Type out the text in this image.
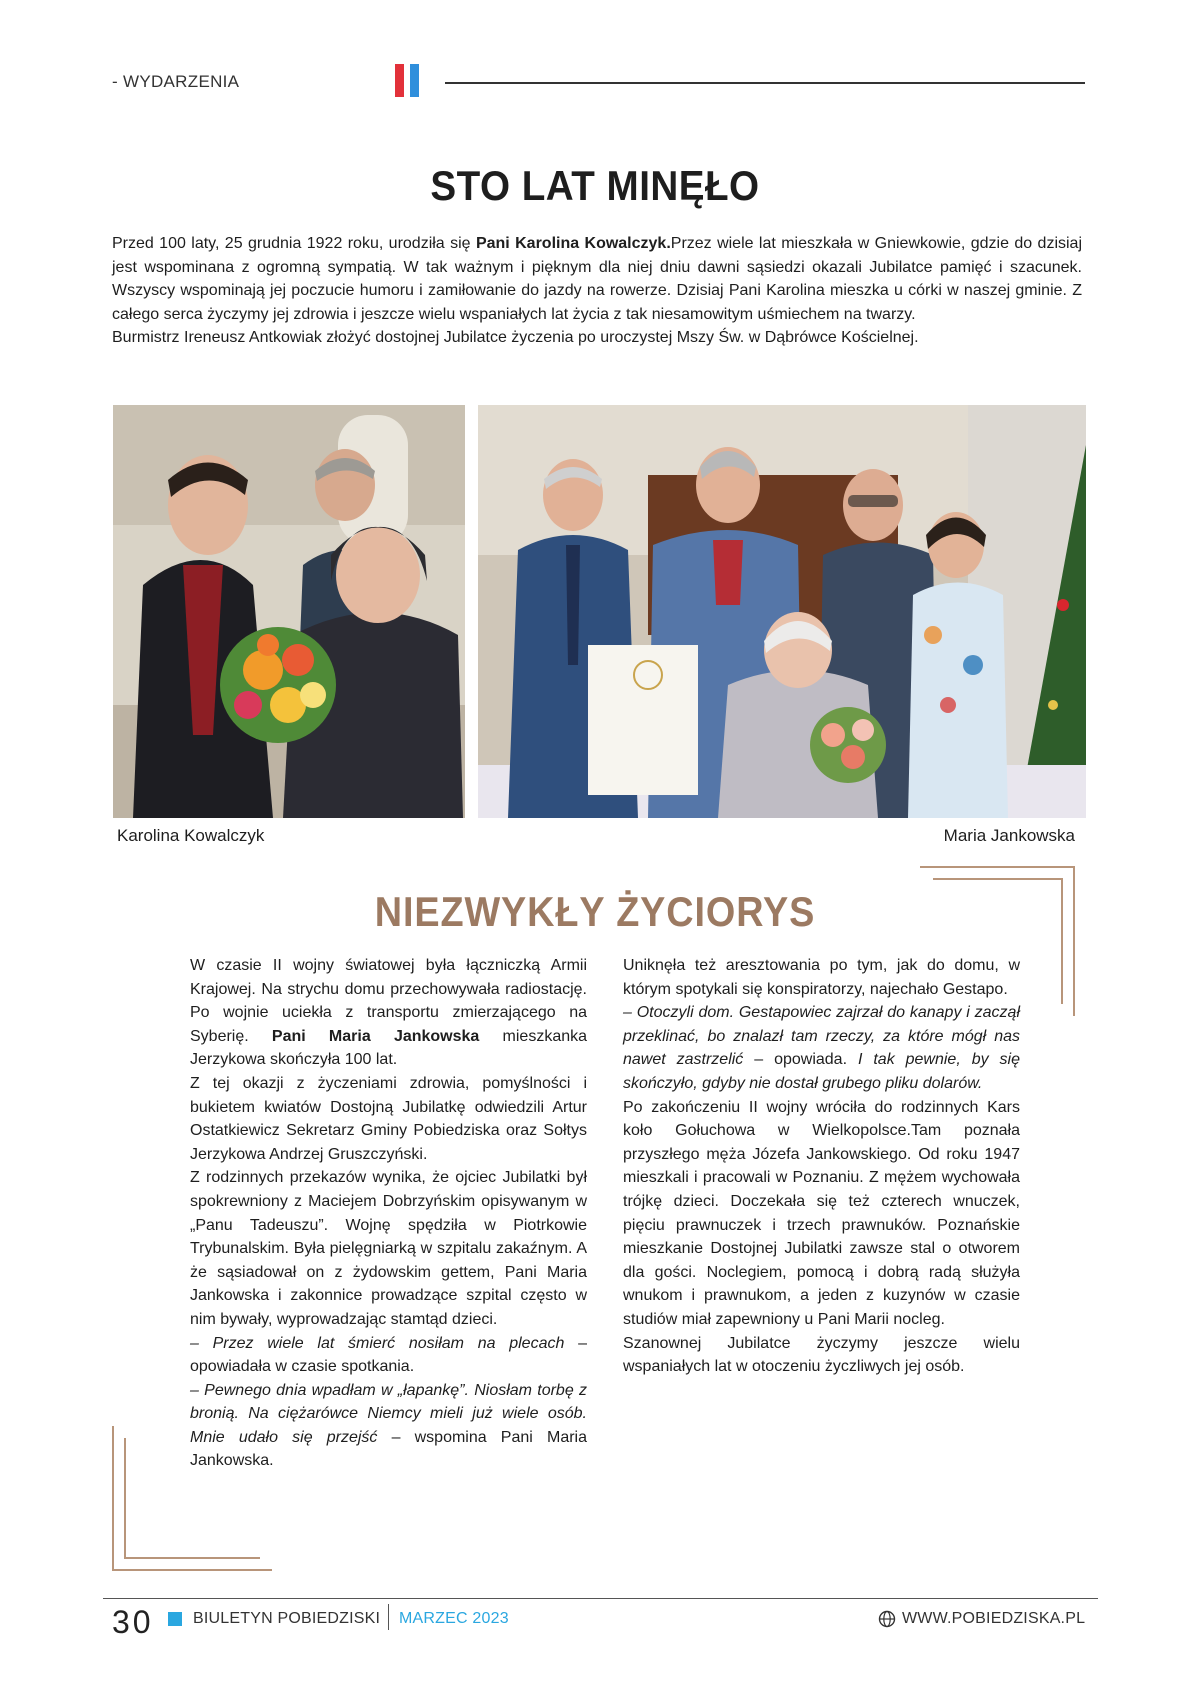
- WYDARZENIA
STO LAT MINĘŁO

Przed 100 laty, 25 grudnia 1922 roku, urodziła się Pani Karolina Kowalczyk.Przez wiele lat mieszkała w Gniewkowie, gdzie do dzisiaj jest wspominana z ogromną sympatią. W tak ważnym i pięknym dla niej dniu dawni sąsiedzi okazali Jubilatce pamięć i szacunek. Wszyscy wspominają jej poczucie humoru i zamiłowanie do jazdy na rowerze. Dzisiaj Pani Karolina mieszka u córki w naszej gminie. Z całego serca życzymy jej zdrowia i jeszcze wielu wspaniałych lat życia z tak niesamowitym uśmiechem na twarzy.

Burmistrz Ireneusz Antkowiak złożyć dostojnej Jubilatce życzenia po uroczystej Mszy Św. w Dąbrówce Kościelnej.

Karolina Kowalczyk	Maria Jankowska
NIEZWYKŁY ŻYCIORYS

W czasie II wojny światowej była łączniczką Armii Krajowej. Na strychu domu przechowywała radiostację. Po wojnie uciekła z transportu zmierzającego na Syberię. Pani Maria Jankowska mieszkanka Jerzykowa skończyła 100 lat.

Z tej okazji z życzeniami zdrowia, pomyślności i bukietem kwiatów Dostojną Jubilatkę odwiedzili Artur Ostatkiewicz Sekretarz Gminy Pobiedziska oraz Sołtys Jerzykowa Andrzej Gruszczyński.

Z rodzinnych przekazów wynika, że ojciec Jubilatki był spokrewniony z Maciejem Dobrzyńskim opisywanym w „Panu Tadeuszu”. Wojnę spędziła w Piotrkowie Trybunalskim. Była pielęgniarką w szpitalu zakaźnym. A że sąsiadował on z żydowskim gettem, Pani Maria Jankowska i zakonnice prowadzące szpital często w nim bywały, wyprowadzając stamtąd dzieci.

– Przez wiele lat śmierć nosiłam na plecach – opowiadała w czasie spotkania.

– Pewnego dnia wpadłam w „łapankę”. Niosłam torbę z bronią. Na ciężarówce Niemcy mieli już wiele osób. Mnie udało się przejść – wspomina Pani Maria Jankowska.

Uniknęła też aresztowania po tym, jak do domu, w którym spotykali się konspiratorzy, najechało Gestapo.

– Otoczyli dom. Gestapowiec zajrzał do kanapy i zaczął przeklinać, bo znalazł tam rzeczy, za które mógł nas nawet zastrzelić – opowiada. I tak pewnie, by się skończyło, gdyby nie dostał grubego pliku dolarów.

Po zakończeniu II wojny wróciła do rodzinnych Kars koło Gołuchowa w Wielkopolsce.Tam poznała przyszłego męża Józefa Jankowskiego. Od roku 1947 mieszkali i pracowali w Poznaniu. Z mężem wychowała trójkę dzieci. Doczekała się też czterech wnuczek, pięciu prawnuczek i trzech prawnuków. Poznańskie mieszkanie Dostojnej Jubilatki zawsze stal o otworem dla gości. Noclegiem, pomocą i dobrą radą służyła wnukom i prawnukom, a jeden z kuzynów w czasie studiów miał zapewniony u Pani Marii nocleg.

Szanownej Jubilatce życzymy jeszcze wielu wspaniałych lat w otoczeniu życzliwych jej osób.

30 BIULETYN POBIEDZISKI MARZEC 2023	WWW.POBIEDZISKA.PL
